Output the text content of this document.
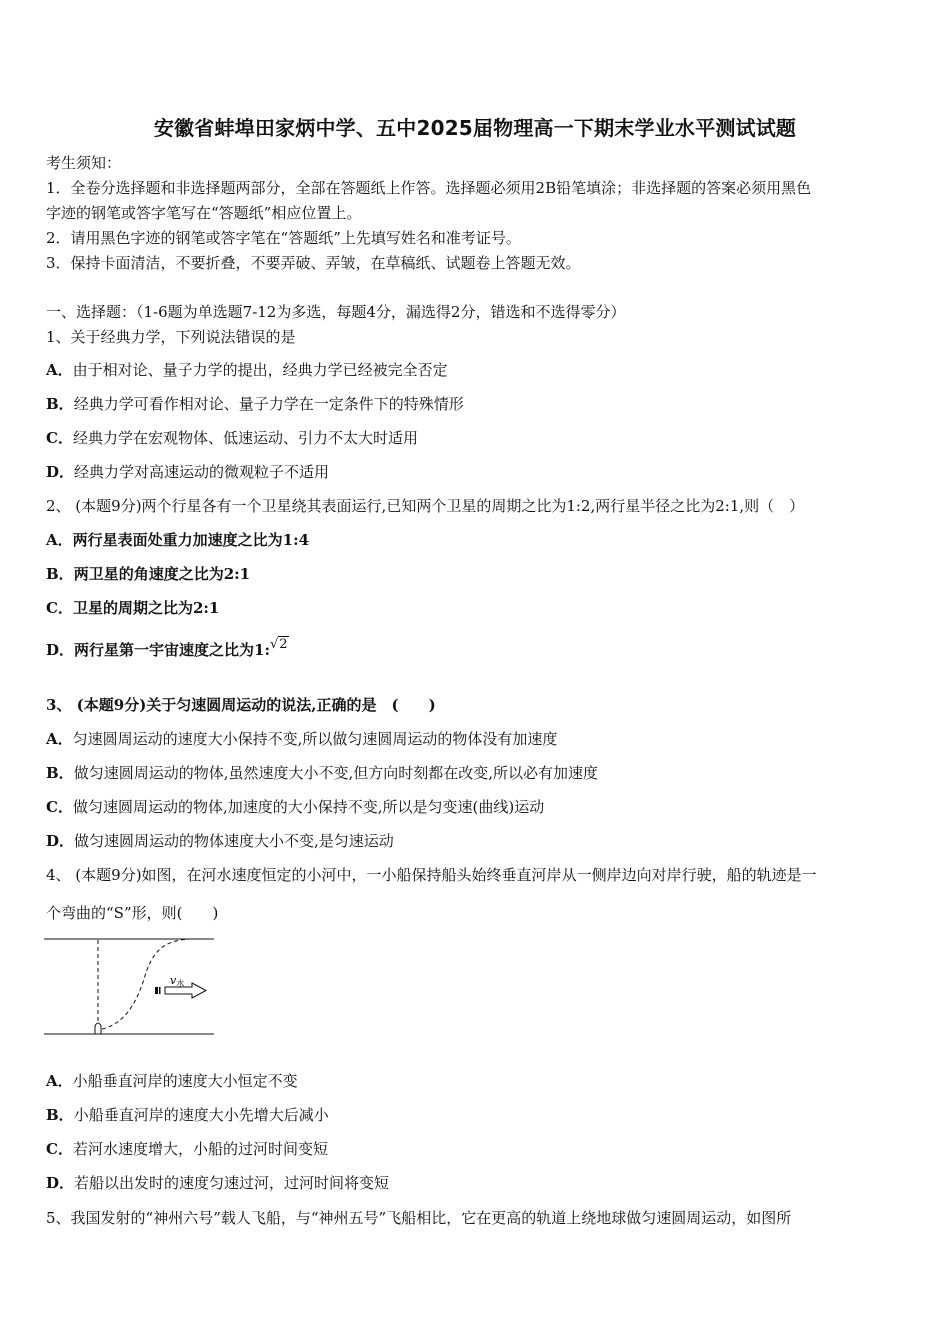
安徽省蚌埠田家炳中学、五中2025届物理高一下期末学业水平测试试题
考生须知：
1．全卷分选择题和非选择题两部分，全部在答题纸上作答。选择题必须用2B铅笔填涂；非选择题的答案必须用黑色
字迹的钢笔或答字笔写在“答题纸”相应位置上。
2．请用黑色字迹的钢笔或答字笔在“答题纸”上先填写姓名和准考证号。
3．保持卡面清洁，不要折叠，不要弄破、弄皱，在草稿纸、试题卷上答题无效。
一、选择题：（1-6题为单选题7-12为多选，每题4分，漏选得2分，错选和不选得零分）
1、关于经典力学，下列说法错误的是
A．由于相对论、量子力学的提出，经典力学已经被完全否定
B．经典力学可看作相对论、量子力学在一定条件下的特殊情形
C．经典力学在宏观物体、低速运动、引力不太大时适用
D．经典力学对高速运动的微观粒子不适用
2、 (本题9分)两个行星各有一个卫星绕其表面运行,已知两个卫星的周期之比为1:2,两行星半径之比为2:1,则（　）
A．两行星表面处重力加速度之比为1:4
B．两卫星的角速度之比为2:1
C．卫星的周期之比为2:1
D．两行星第一宇宙速度之比为1:√2
3、 (本题9分)关于匀速圆周运动的说法,正确的是　(　　)
A．匀速圆周运动的速度大小保持不变,所以做匀速圆周运动的物体没有加速度
B．做匀速圆周运动的物体,虽然速度大小不变,但方向时刻都在改变,所以必有加速度
C．做匀速圆周运动的物体,加速度的大小保持不变,所以是匀变速(曲线)运动
D．做匀速圆周运动的物体速度大小不变,是匀速运动
4、 (本题9分)如图，在河水速度恒定的小河中，一小船保持船头始终垂直河岸从一侧岸边向对岸行驶，船的轨迹是一
个弯曲的“S”形，则(　　)
v水
A．小船垂直河岸的速度大小恒定不变
B．小船垂直河岸的速度大小先增大后减小
C．若河水速度增大，小船的过河时间变短
D．若船以出发时的速度匀速过河，过河时间将变短
5、我国发射的“神州六号”载人飞船，与“神州五号”飞船相比，它在更高的轨道上绕地球做匀速圆周运动，如图所
